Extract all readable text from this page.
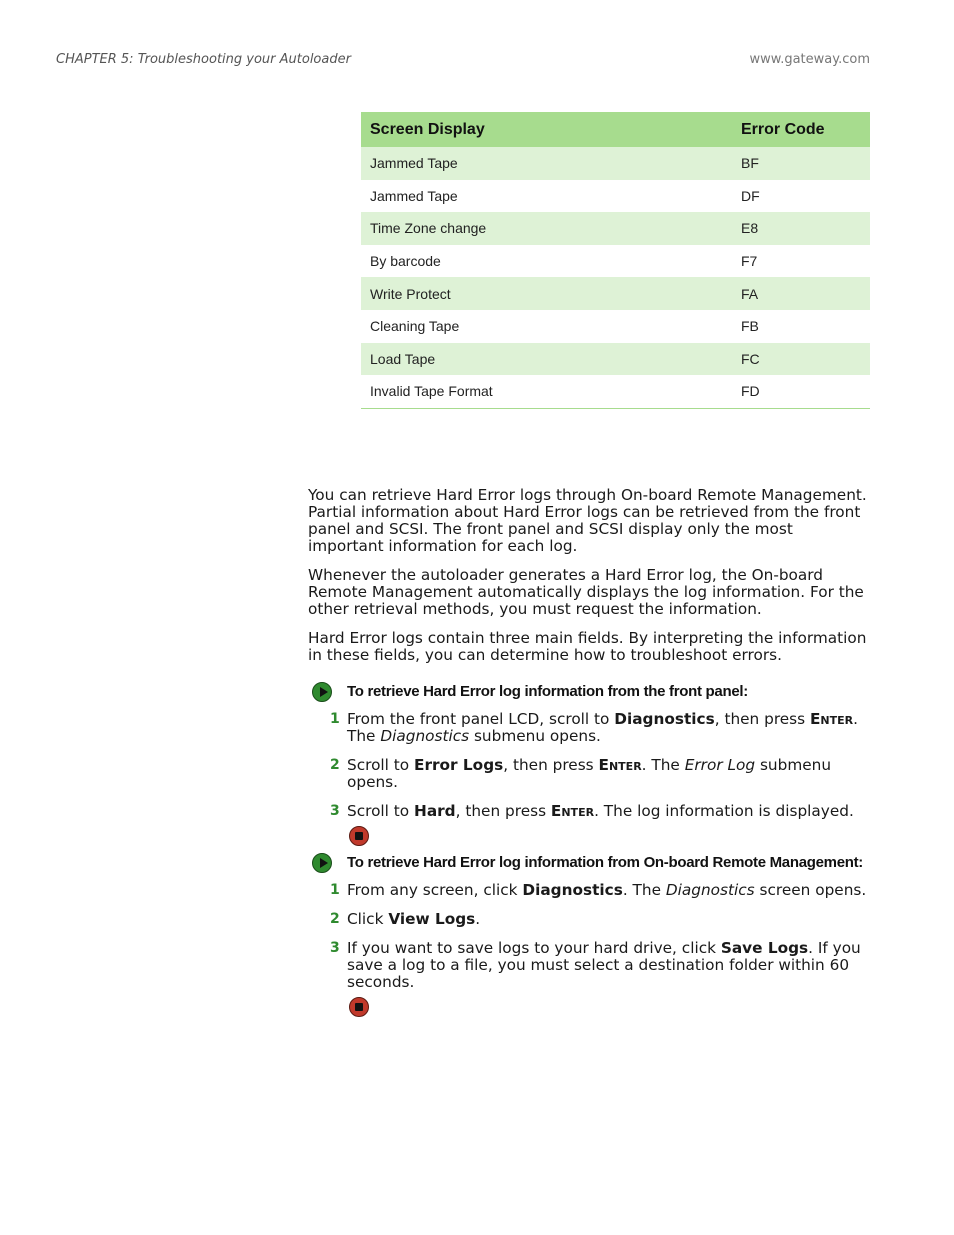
CHAPTER 5: Troubleshooting your Autoloader	www.gateway.com
Screen Display	Error Code
Jammed Tape	BF
Jammed Tape	DF
Time Zone change	E8
By barcode	F7
Write Protect	FA
Cleaning Tape	FB
Load Tape	FC
Invalid Tape Format	FD

You can retrieve Hard Error logs through On-board Remote Management. Partial information about Hard Error logs can be retrieved from the front panel and SCSI. The front panel and SCSI display only the most important information for each log.

Whenever the autoloader generates a Hard Error log, the On-board Remote Management automatically displays the log information. For the other retrieval methods, you must request the information.

Hard Error logs contain three main fields. By interpreting the information in these fields, you can determine how to troubleshoot errors.

To retrieve Hard Error log information from the front panel:
1 From the front panel LCD, scroll to Diagnostics, then press Enter. The Diagnostics submenu opens.
2 Scroll to Error Logs, then press Enter. The Error Log submenu opens.
3 Scroll to Hard, then press Enter. The log information is displayed.
To retrieve Hard Error log information from On-board Remote Management:
1 From any screen, click Diagnostics. The Diagnostics screen opens.
2 Click View Logs.
3 If you want to save logs to your hard drive, click Save Logs. If you save a log to a file, you must select a destination folder within 60 seconds.
